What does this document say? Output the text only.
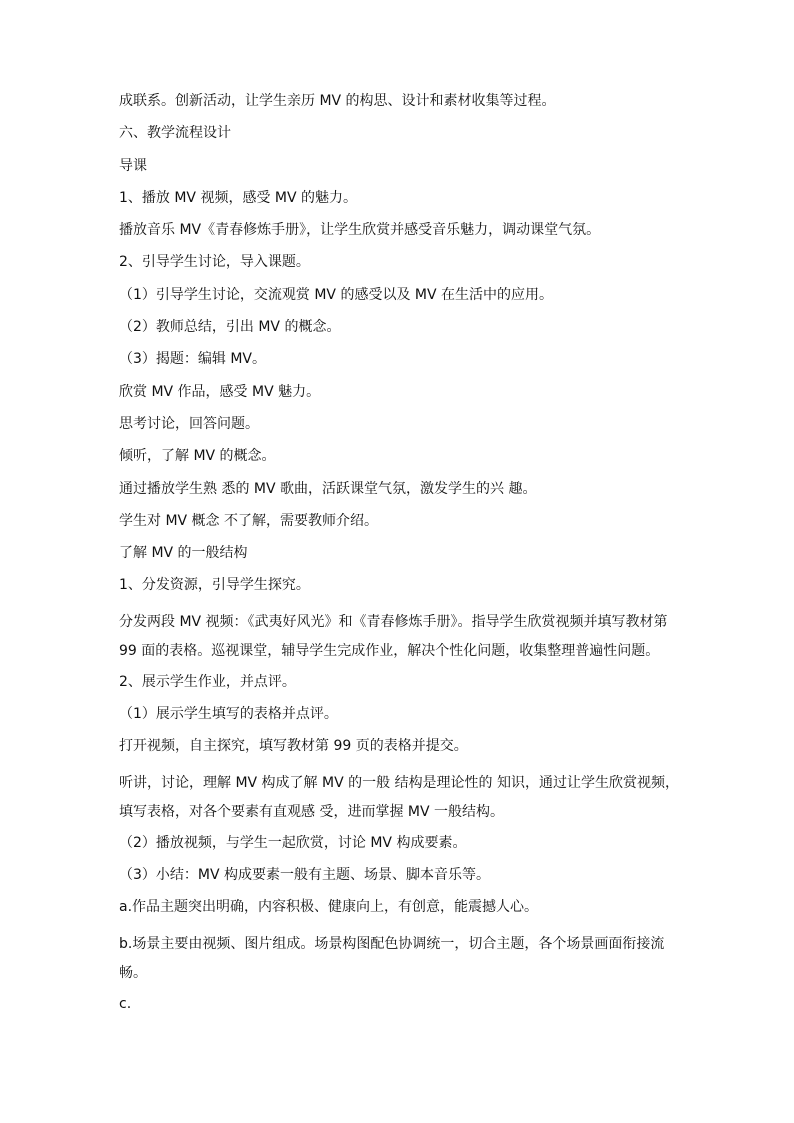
成联系。创新活动，让学生亲历 MV 的构思、设计和素材收集等过程。

六、教学流程设计

导课

1、播放 MV 视频，感受 MV 的魅力。

播放音乐 MV《青春修炼手册》，让学生欣赏并感受音乐魅力，调动课堂气氛。

2、引导学生讨论，导入课题。

（1）引导学生讨论，交流观赏 MV 的感受以及 MV 在生活中的应用。

（2）教师总结，引出 MV 的概念。

（3）揭题：编辑 MV。

欣赏 MV 作品，感受 MV 魅力。

思考讨论，回答问题。

倾听，了解 MV 的概念。

通过播放学生熟 悉的 MV 歌曲，活跃课堂气氛，激发学生的兴 趣。

学生对 MV 概念 不了解，需要教师介绍。

了解 MV 的一般结构

1、分发资源，引导学生探究。

分发两段 MV 视频：《武夷好风光》和《青春修炼手册》。指导学生欣赏视频并填写教材第 99 面的表格。巡视课堂，辅导学生完成作业，解决个性化问题，收集整理普遍性问题。

2、展示学生作业，并点评。

（1）展示学生填写的表格并点评。

打开视频，自主探究，填写教材第 99 页的表格并提交。

听讲，讨论，理解 MV 构成了解 MV 的一般 结构是理论性的 知识，通过让学生欣赏视频，填写表格，对各个要素有直观感 受，进而掌握 MV 一般结构。

（2）播放视频，与学生一起欣赏，讨论 MV 构成要素。

（3）小结：MV 构成要素一般有主题、场景、脚本音乐等。

a.作品主题突出明确，内容积极、健康向上，有创意，能震撼人心。

b.场景主要由视频、图片组成。场景构图配色协调统一，切合主题，各个场景画面衔接流畅。

c.
